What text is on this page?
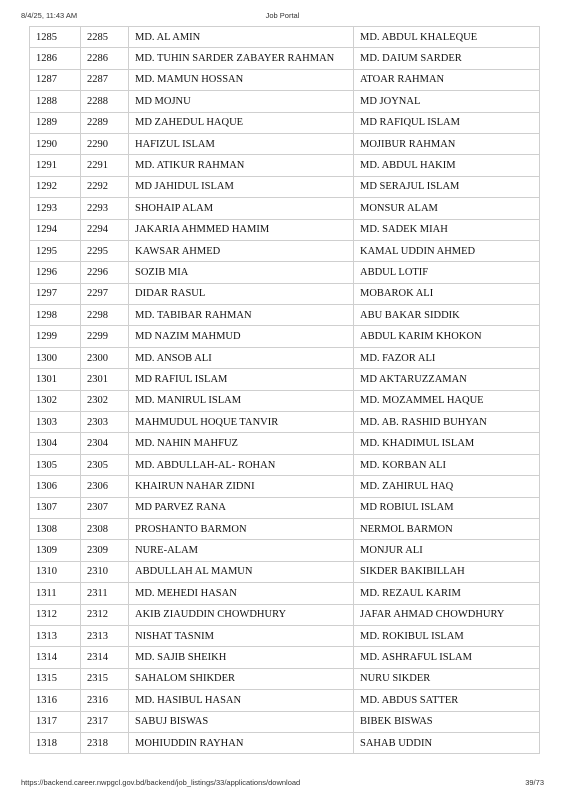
8/4/25, 11:43 AM	Job Portal
1285	2285	MD. AL AMIN	MD. ABDUL KHALEQUE
1286	2286	MD. TUHIN SARDER ZABAYER RAHMAN	MD. DAIUM SARDER
1287	2287	MD. MAMUN HOSSAN	ATOAR RAHMAN
1288	2288	MD MOJNU	MD JOYNAL
1289	2289	MD ZAHEDUL HAQUE	MD RAFIQUL ISLAM
1290	2290	HAFIZUL ISLAM	MOJIBUR RAHMAN
1291	2291	MD. ATIKUR RAHMAN	MD. ABDUL HAKIM
1292	2292	MD JAHIDUL ISLAM	MD SERAJUL ISLAM
1293	2293	SHOHAIP ALAM	MONSUR ALAM
1294	2294	JAKARIA AHMMED HAMIM	MD. SADEK MIAH
1295	2295	KAWSAR AHMED	KAMAL UDDIN AHMED
1296	2296	SOZIB MIA	ABDUL LOTIF
1297	2297	DIDAR RASUL	MOBAROK ALI
1298	2298	MD. TABIBAR RAHMAN	ABU BAKAR SIDDIK
1299	2299	MD NAZIM MAHMUD	ABDUL KARIM KHOKON
1300	2300	MD. ANSOB ALI	MD. FAZOR ALI
1301	2301	MD RAFIUL ISLAM	MD AKTARUZZAMAN
1302	2302	MD. MANIRUL ISLAM	MD. MOZAMMEL HAQUE
1303	2303	MAHMUDUL HOQUE TANVIR	MD. AB. RASHID BUHYAN
1304	2304	MD. NAHIN MAHFUZ	MD. KHADIMUL ISLAM
1305	2305	MD. ABDULLAH-AL- ROHAN	MD. KORBAN ALI
1306	2306	KHAIRUN NAHAR ZIDNI	MD. ZAHIRUL HAQ
1307	2307	MD PARVEZ RANA	MD ROBIUL ISLAM
1308	2308	PROSHANTO BARMON	NERMOL BARMON
1309	2309	NURE-ALAM	MONJUR ALI
1310	2310	ABDULLAH AL MAMUN	SIKDER BAKIBILLAH
1311	2311	MD. MEHEDI HASAN	MD. REZAUL KARIM
1312	2312	AKIB ZIAUDDIN CHOWDHURY	JAFAR AHMAD CHOWDHURY
1313	2313	NISHAT TASNIM	MD. ROKIBUL ISLAM
1314	2314	MD. SAJIB SHEIKH	MD. ASHRAFUL ISLAM
1315	2315	SAHALOM SHIKDER	NURU SIKDER
1316	2316	MD. HASIBUL HASAN	MD. ABDUS SATTER
1317	2317	SABUJ BISWAS	BIBEK BISWAS
1318	2318	MOHIUDDIN RAYHAN	SAHAB UDDIN
https://backend.career.nwpgcl.gov.bd/backend/job_listings/33/applications/download	39/73
